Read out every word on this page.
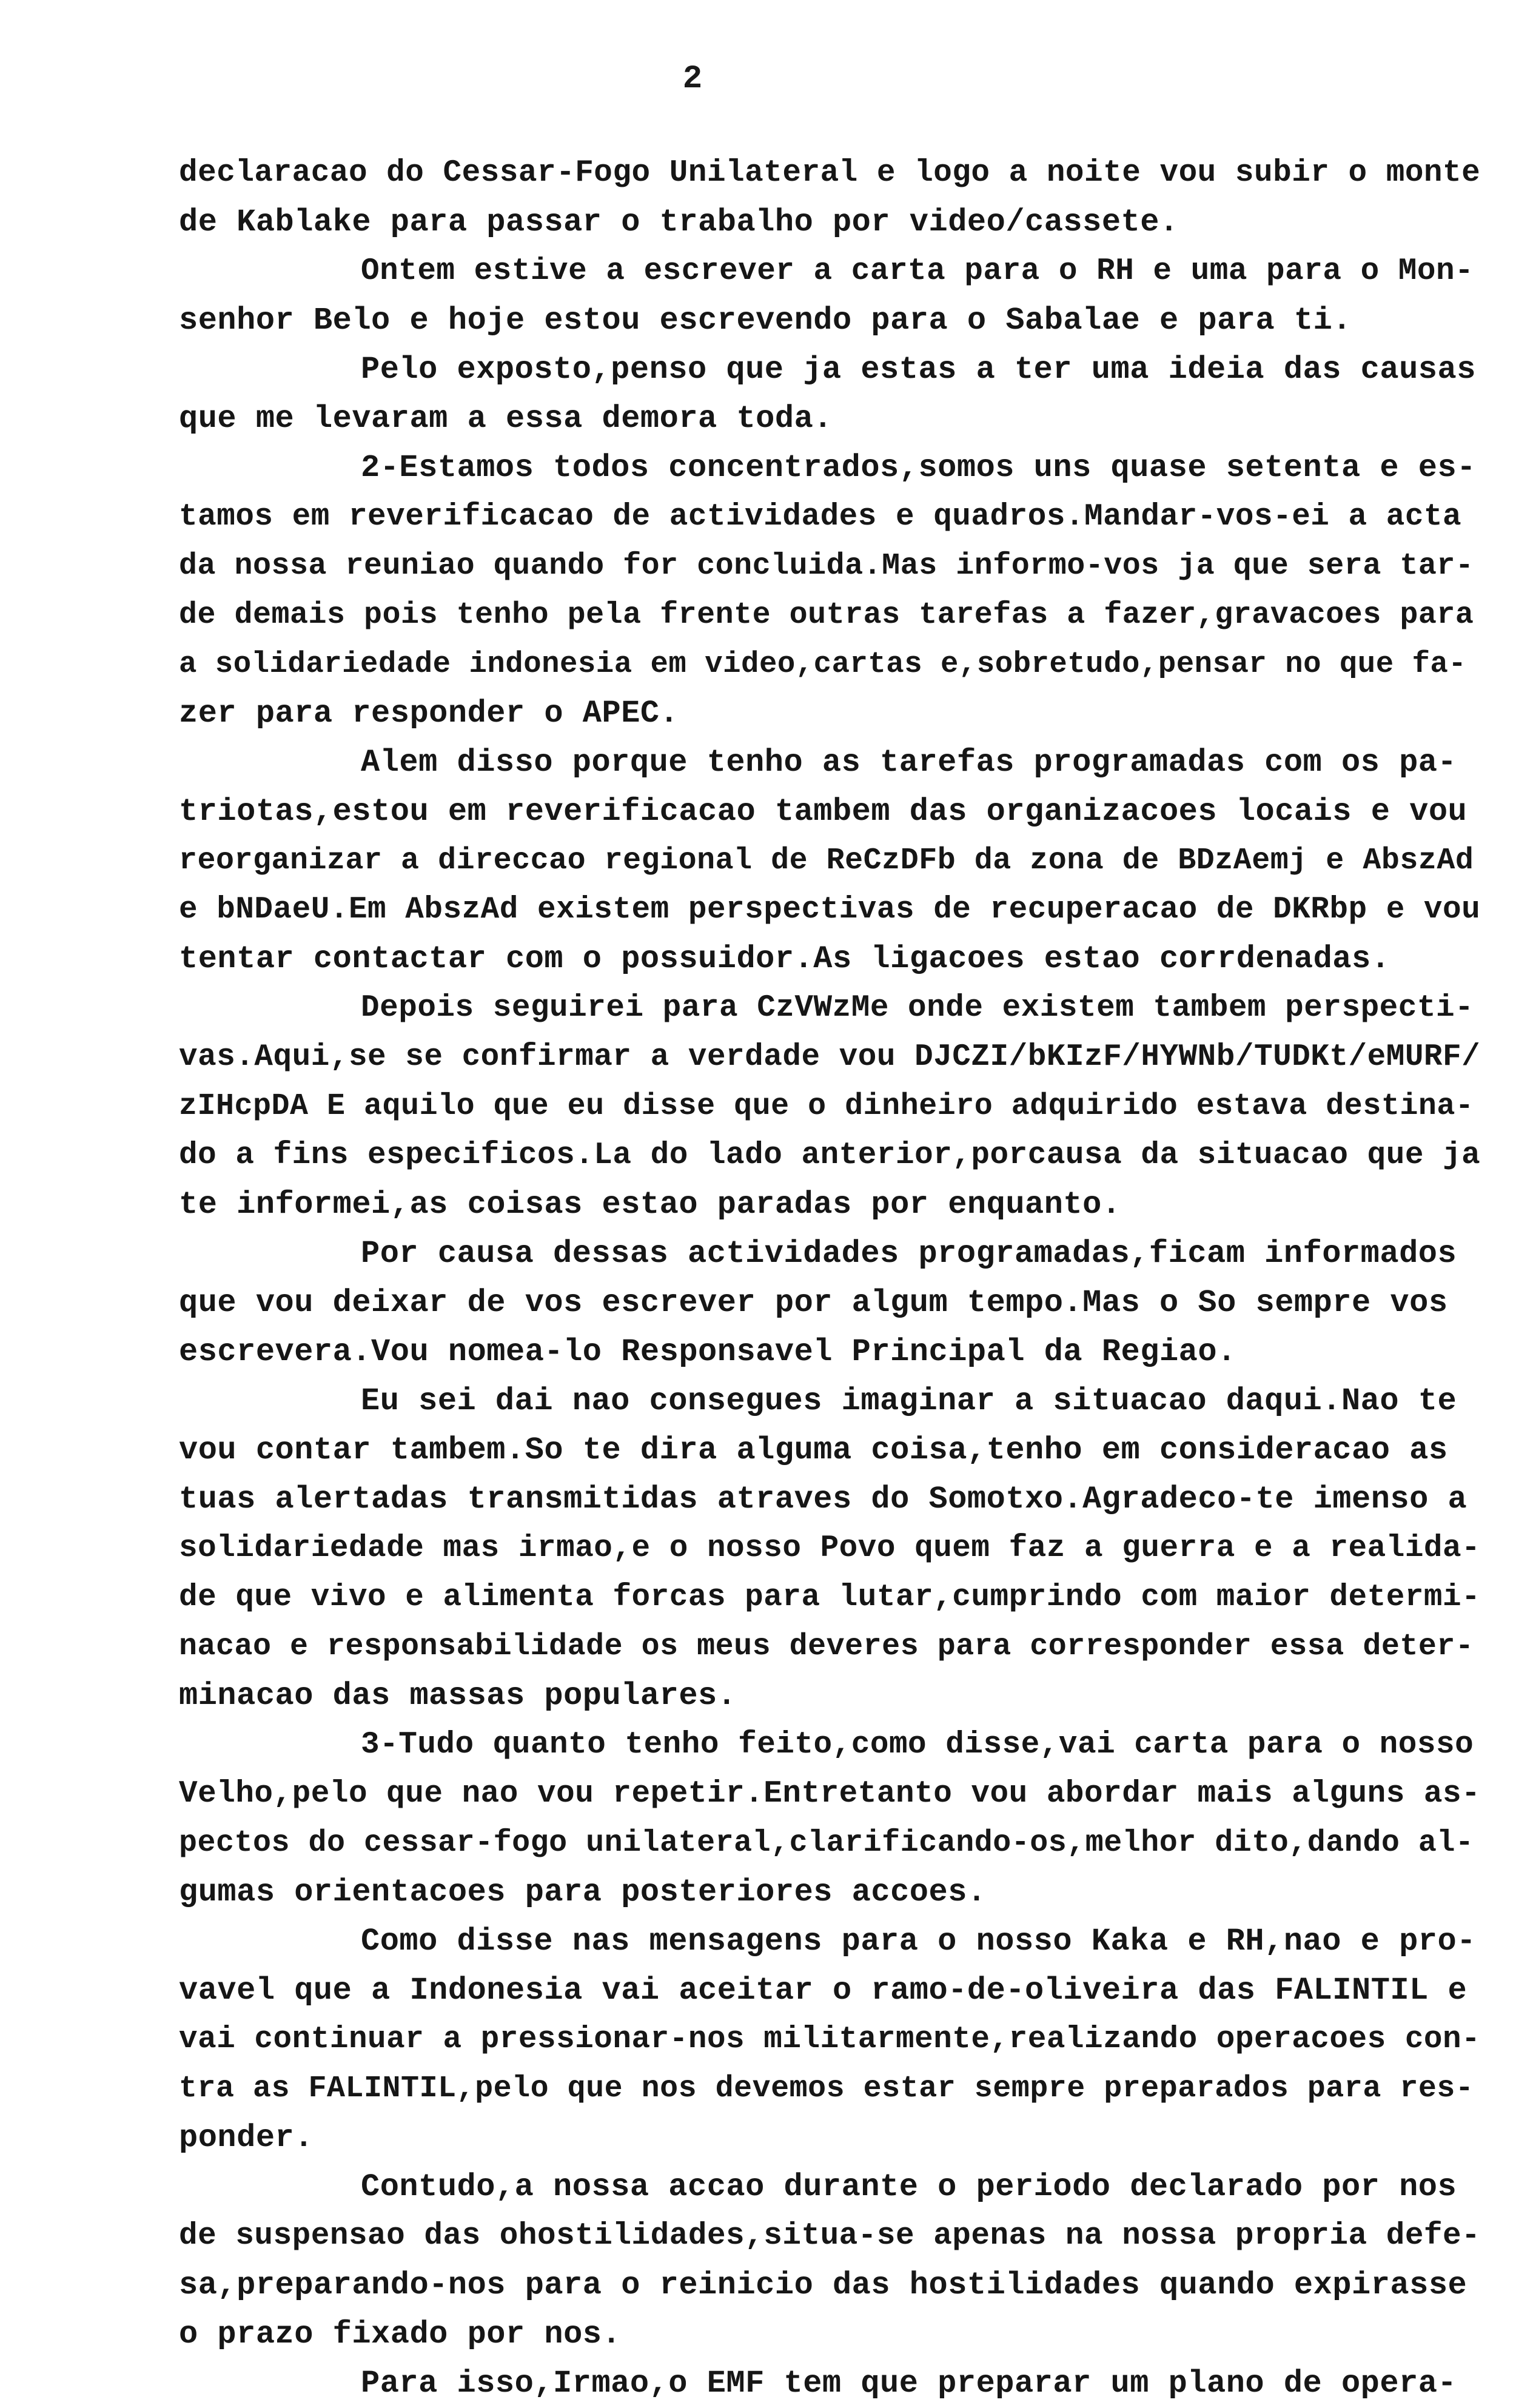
2
declaracao do Cessar-Fogo Unilateral e logo a noite vou subir o monte
de Kablake para passar o trabalho por video/cassete.
Ontem estive a escrever a carta para o RH e uma para o Mon-
senhor Belo e hoje estou escrevendo para o Sabalae e para ti.
Pelo exposto,penso que ja estas a ter uma ideia das causas
que me levaram a essa demora toda.
2-Estamos todos concentrados,somos uns quase setenta e es-
tamos em reverificacao de actividades e quadros.Mandar-vos-ei a acta
da nossa reuniao quando for concluida.Mas informo-vos ja que sera tar-
de demais pois tenho pela frente outras tarefas a fazer,gravacoes para
a solidariedade indonesia em video,cartas e,sobretudo,pensar no que fa-
zer para responder o APEC.
Alem disso porque tenho as tarefas programadas com os pa-
triotas,estou em reverificacao tambem das organizacoes locais e vou
reorganizar a direccao regional de ReCzDFb da zona de BDzAemj e AbszAd
e bNDaeU.Em AbszAd existem perspectivas de recuperacao de DKRbp e vou
tentar contactar com o possuidor.As ligacoes estao corrdenadas.
Depois seguirei para CzVWzMe onde existem tambem perspecti-
vas.Aqui,se se confirmar a verdade vou DJCZI/bKIzF/HYWNb/TUDKt/eMURF/
zIHcpDA E aquilo que eu disse que o dinheiro adquirido estava destina-
do a fins especificos.La do lado anterior,porcausa da situacao que ja
te informei,as coisas estao paradas por enquanto.
Por causa dessas actividades programadas,ficam informados
que vou deixar de vos escrever por algum tempo.Mas o So sempre vos
escrevera.Vou nomea-lo Responsavel Principal da Regiao.
Eu sei dai nao consegues imaginar a situacao daqui.Nao te
vou contar tambem.So te dira alguma coisa,tenho em consideracao as
tuas alertadas transmitidas atraves do Somotxo.Agradeco-te imenso a
solidariedade mas irmao,e o nosso Povo quem faz a guerra e a realida-
de que vivo e alimenta forcas para lutar,cumprindo com maior determi-
nacao e responsabilidade os meus deveres para corresponder essa deter-
minacao das massas populares.
3-Tudo quanto tenho feito,como disse,vai carta para o nosso
Velho,pelo que nao vou repetir.Entretanto vou abordar mais alguns as-
pectos do cessar-fogo unilateral,clarificando-os,melhor dito,dando al-
gumas orientacoes para posteriores accoes.
Como disse nas mensagens para o nosso Kaka e RH,nao e pro-
vavel que a Indonesia vai aceitar o ramo-de-oliveira das FALINTIL e
vai continuar a pressionar-nos militarmente,realizando operacoes con-
tra as FALINTIL,pelo que nos devemos estar sempre preparados para res-
ponder.
Contudo,a nossa accao durante o periodo declarado por nos
de suspensao das ohostilidades,situa-se apenas na nossa propria defe-
sa,preparando-nos para o reinicio das hostilidades quando expirasse
o prazo fixado por nos.
Para isso,Irmao,o EMF tem que preparar um plano de opera-
